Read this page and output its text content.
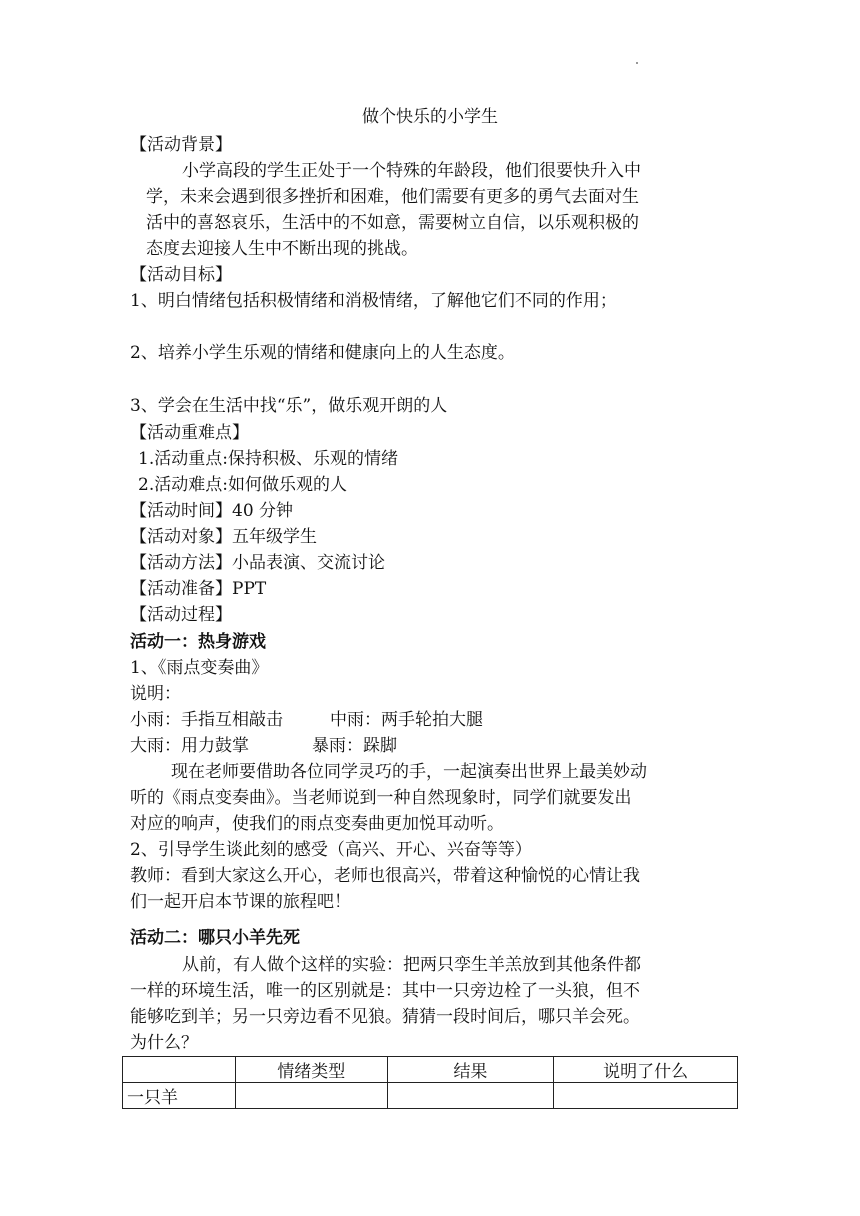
做个快乐的小学生
【活动背景】
小学高段的学生正处于一个特殊的年龄段，他们很要快升入中
学，未来会遇到很多挫折和困难，他们需要有更多的勇气去面对生
活中的喜怒哀乐，生活中的不如意，需要树立自信，以乐观积极的
态度去迎接人生中不断出现的挑战。
【活动目标】
1、明白情绪包括积极情绪和消极情绪，了解他它们不同的作用；
2、培养小学生乐观的情绪和健康向上的人生态度。
3、学会在生活中找“乐”，做乐观开朗的人
【活动重难点】
1.活动重点:保持积极、乐观的情绪
2.活动难点:如何做乐观的人
【活动时间】40 分钟
【活动对象】五年级学生
【活动方法】小品表演、交流讨论
【活动准备】PPT
【活动过程】
活动一：热身游戏
1、《雨点变奏曲》
说明：
小雨：手指互相敲击	中雨：两手轮拍大腿
大雨：用力鼓掌	暴雨：跺脚
现在老师要借助各位同学灵巧的手，一起演奏出世界上最美妙动
听的《雨点变奏曲》。当老师说到一种自然现象时，同学们就要发出
对应的响声，使我们的雨点变奏曲更加悦耳动听。
2、引导学生谈此刻的感受（高兴、开心、兴奋等等）
教师：看到大家这么开心，老师也很高兴，带着这种愉悦的心情让我
们一起开启本节课的旅程吧！
活动二：哪只小羊先死
从前，有人做个这样的实验：把两只孪生羊羔放到其他条件都
一样的环境生活，唯一的区别就是：其中一只旁边栓了一头狼，但不
能够吃到羊；另一只旁边看不见狼。猜猜一段时间后，哪只羊会死。
为什么？
	情绪类型	结果	说明了什么
一只羊			
